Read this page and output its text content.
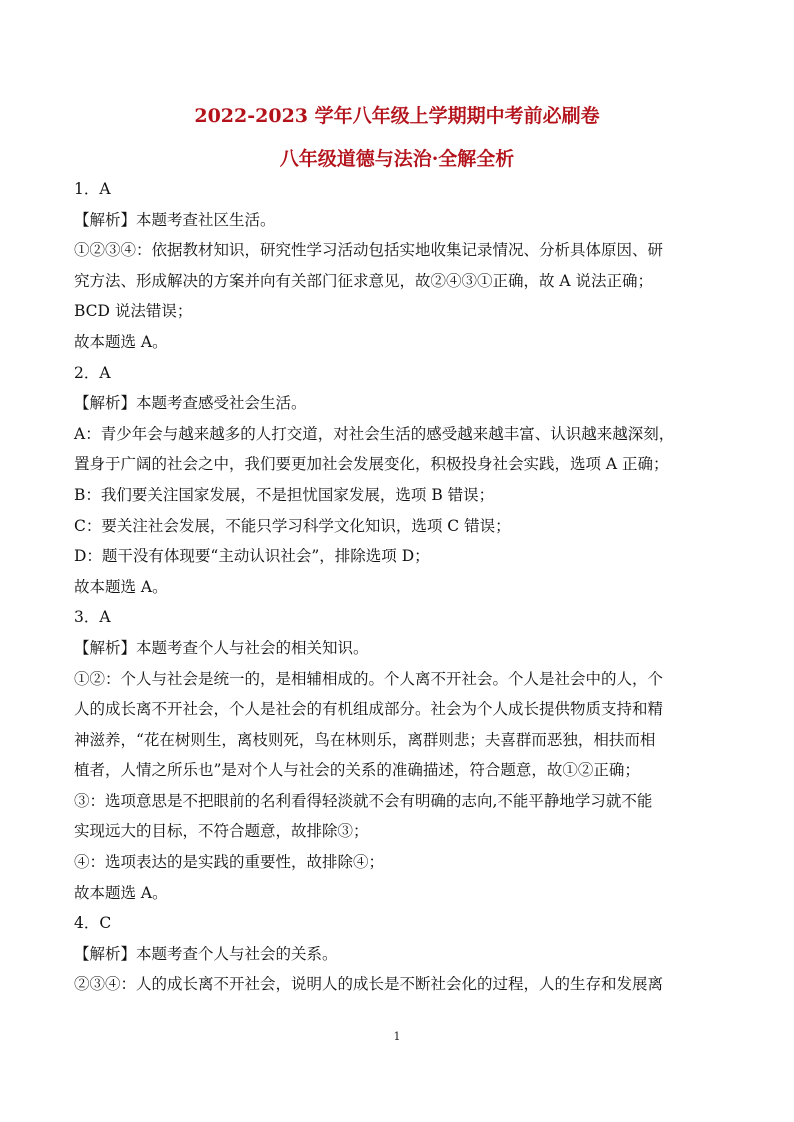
2022-2023 学年八年级上学期期中考前必刷卷
八年级道德与法治·全解全析
1．A
【解析】本题考查社区生活。
①②③④：依据教材知识，研究性学习活动包括实地收集记录情况、分析具体原因、研
究方法、形成解决的方案并向有关部门征求意见，故②④③①正确，故 A 说法正确；
BCD 说法错误；
故本题选 A。
2．A
【解析】本题考查感受社会生活。
A：青少年会与越来越多的人打交道，对社会生活的感受越来越丰富、认识越来越深刻，
置身于广阔的社会之中，我们要更加社会发展变化，积极投身社会实践，选项 A 正确；
B：我们要关注国家发展，不是担忧国家发展，选项 B 错误；
C：要关注社会发展，不能只学习科学文化知识，选项 C 错误；
D：题干没有体现要“主动认识社会”，排除选项 D；
故本题选 A。
3．A
【解析】本题考查个人与社会的相关知识。
①②：个人与社会是统一的，是相辅相成的。个人离不开社会。个人是社会中的人，个
人的成长离不开社会，个人是社会的有机组成部分。社会为个人成长提供物质支持和精
神滋养，“花在树则生，离枝则死，鸟在林则乐，离群则悲；夫喜群而恶独，相扶而相
植者，人情之所乐也”是对个人与社会的关系的准确描述，符合题意，故①②正确；
③：选项意思是不把眼前的名利看得轻淡就不会有明确的志向,不能平静地学习就不能
实现远大的目标，不符合题意，故排除③；
④：选项表达的是实践的重要性，故排除④；
故本题选 A。
4．C
【解析】本题考查个人与社会的关系。
②③④：人的成长离不开社会，说明人的成长是不断社会化的过程，人的生存和发展离
1
